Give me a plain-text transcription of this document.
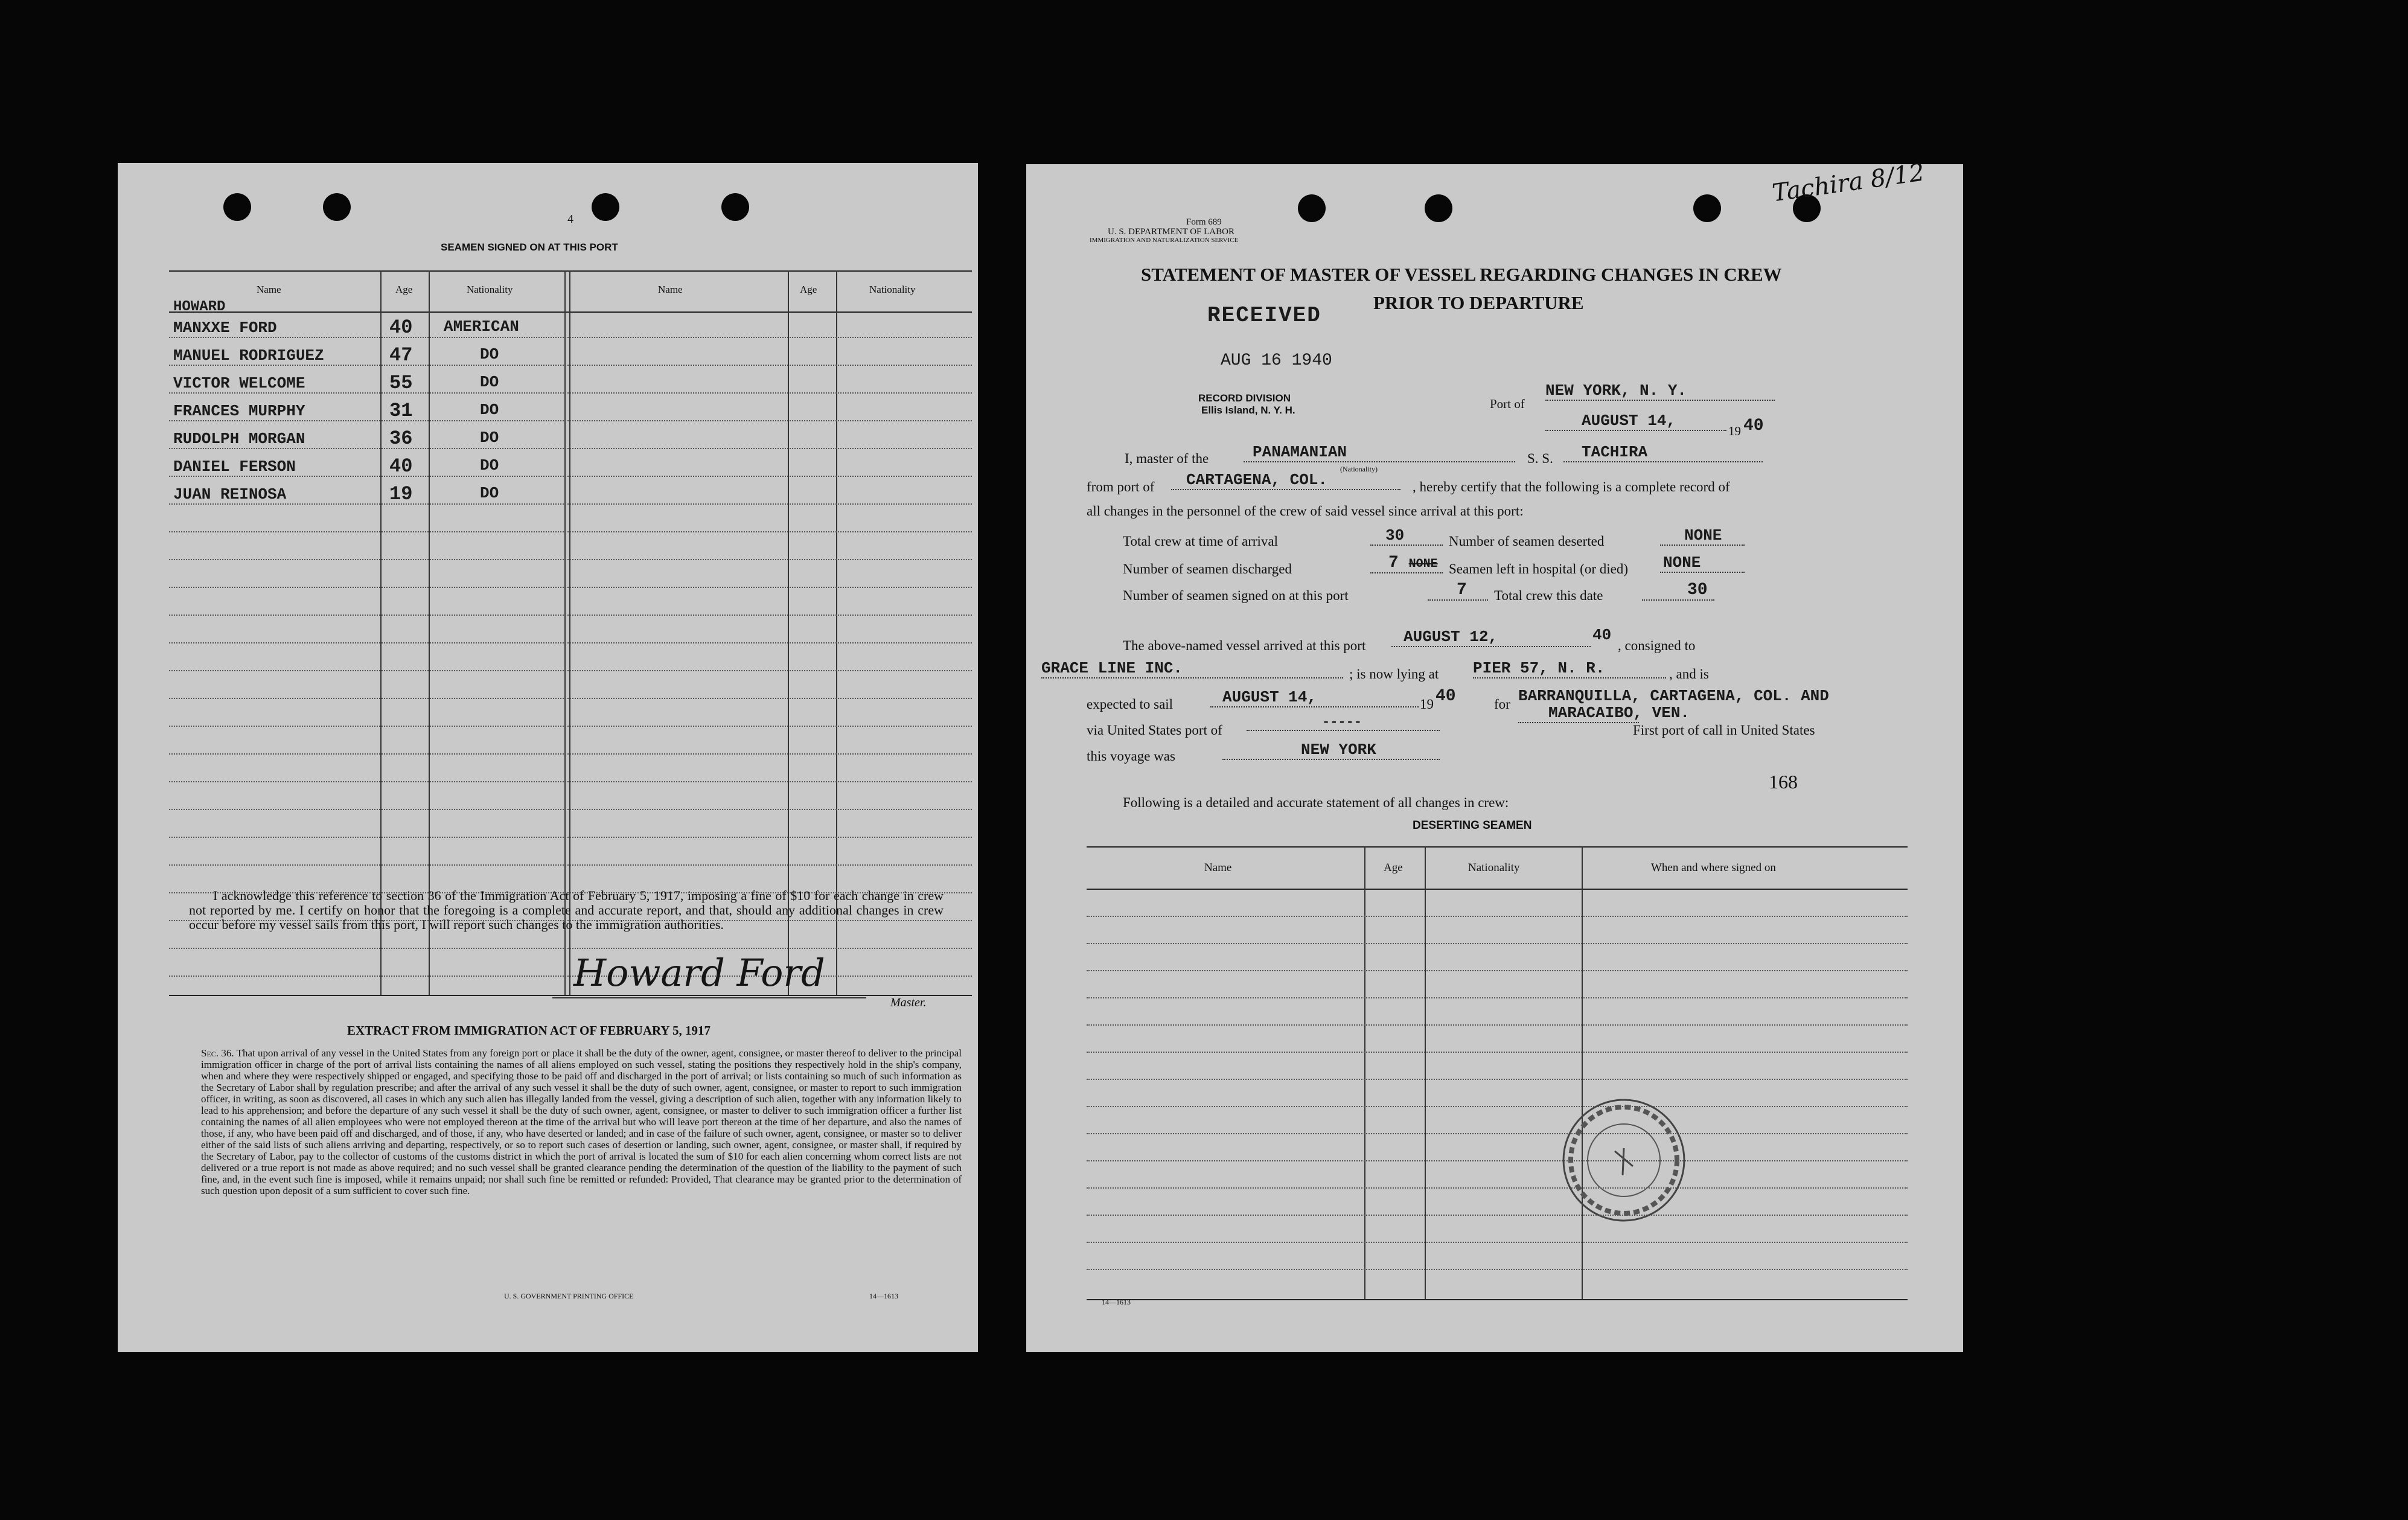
4
SEAMEN SIGNED ON AT THIS PORT
Name	Age	Nationality	Name	Age	Nationality
HOWARD
MANXXE FORD	40 AMERICAN
MANUEL RODRIGUEZ	47	DO
VICTOR WELCOME	55	DO
FRANCES MURPHY	31	DO
RUDOLPH MORGAN	36	DO
DANIEL FERSON	40	DO
JUAN REINOSA	19	DO
I acknowledge this reference to section 36 of the Immigration Act of February 5, 1917, imposing a fine of $10 for each change in crew not reported by me. I certify on honor that the foregoing is a complete and accurate report, and that, should any additional changes in crew occur before my vessel sails from this port, I will report such changes to the immigration authorities.
Howard Ford
Master.
EXTRACT FROM IMMIGRATION ACT OF FEBRUARY 5, 1917
Sec. 36. That upon arrival of any vessel in the United States from any foreign port or place it shall be the duty of the owner, agent, consignee, or master thereof to deliver to the principal immigration officer in charge of the port of arrival lists containing the names of all aliens employed on such vessel, stating the positions they respectively hold in the ship's company, when and where they were respectively shipped or engaged, and specifying those to be paid off and discharged in the port of arrival; or lists containing so much of such information as the Secretary of Labor shall by regulation prescribe; and after the arrival of any such vessel it shall be the duty of such owner, agent, consignee, or master to report to such immigration officer, in writing, as soon as discovered, all cases in which any such alien has illegally landed from the vessel, giving a description of such alien, together with any information likely to lead to his apprehension; and before the departure of any such vessel it shall be the duty of such owner, agent, consignee, or master to deliver to such immigration officer a further list containing the names of all alien employees who were not employed thereon at the time of the arrival but who will leave port thereon at the time of her departure, and also the names of those, if any, who have been paid off and discharged, and of those, if any, who have deserted or landed; and in case of the failure of such owner, agent, consignee, or master so to deliver either of the said lists of such aliens arriving and departing, respectively, or so to report such cases of desertion or landing, such owner, agent, consignee, or master shall, if required by the Secretary of Labor, pay to the collector of customs of the customs district in which the port of arrival is located the sum of $10 for each alien concerning whom correct lists are not delivered or a true report is not made as above required; and no such vessel shall be granted clearance pending the determination of the question of the liability to the payment of such fine, and, in the event such fine is imposed, while it remains unpaid; nor shall such fine be remitted or refunded: Provided, That clearance may be granted prior to the determination of such question upon deposit of a sum sufficient to cover such fine.
U. S. GOVERNMENT PRINTING OFFICE	14—1613
Tachira 8/12
Form 689
U. S. DEPARTMENT OF LABOR
IMMIGRATION AND NATURALIZATION SERVICE
STATEMENT OF MASTER OF VESSEL REGARDING CHANGES IN CREW
PRIOR TO DEPARTURE
RECEIVED
AUG 16 1940
RECORD DIVISION
Ellis Island, N. Y. H.	Port of
NEW YORK, N. Y.
AUGUST 14,
19 40
I, master of the	PANAMANIAN	S. S.	TACHIRA
from port of	CARTAGENA, COL.
(Nationality)
, hereby certify that the following is a complete record of
all changes in the personnel of the crew of said vessel since arrival at this port:
Total crew at time of arrival	30	Number of seamen deserted	NONE
Number of seamen discharged	7 NONE Seamen left in hospital (or died) NONE
Number of seamen signed on at this port	7	Total crew this date	30
The above-named vessel arrived at this port	AUGUST 12,	40
, consigned to
GRACE LINE INC.	; is now lying at PIER 57, N. R.	, and is
expected to sail	AUGUST 14,	19 40	for BARRANQUILLA, CARTAGENA, COL. AND
MARACAIBO, VEN.
via United States port of
-----
First port of call in United States
this voyage was	NEW YORK
168
Following is a detailed and accurate statement of all changes in crew:
DESERTING SEAMEN
Name	Age	Nationality	When and where signed on
14—1613
